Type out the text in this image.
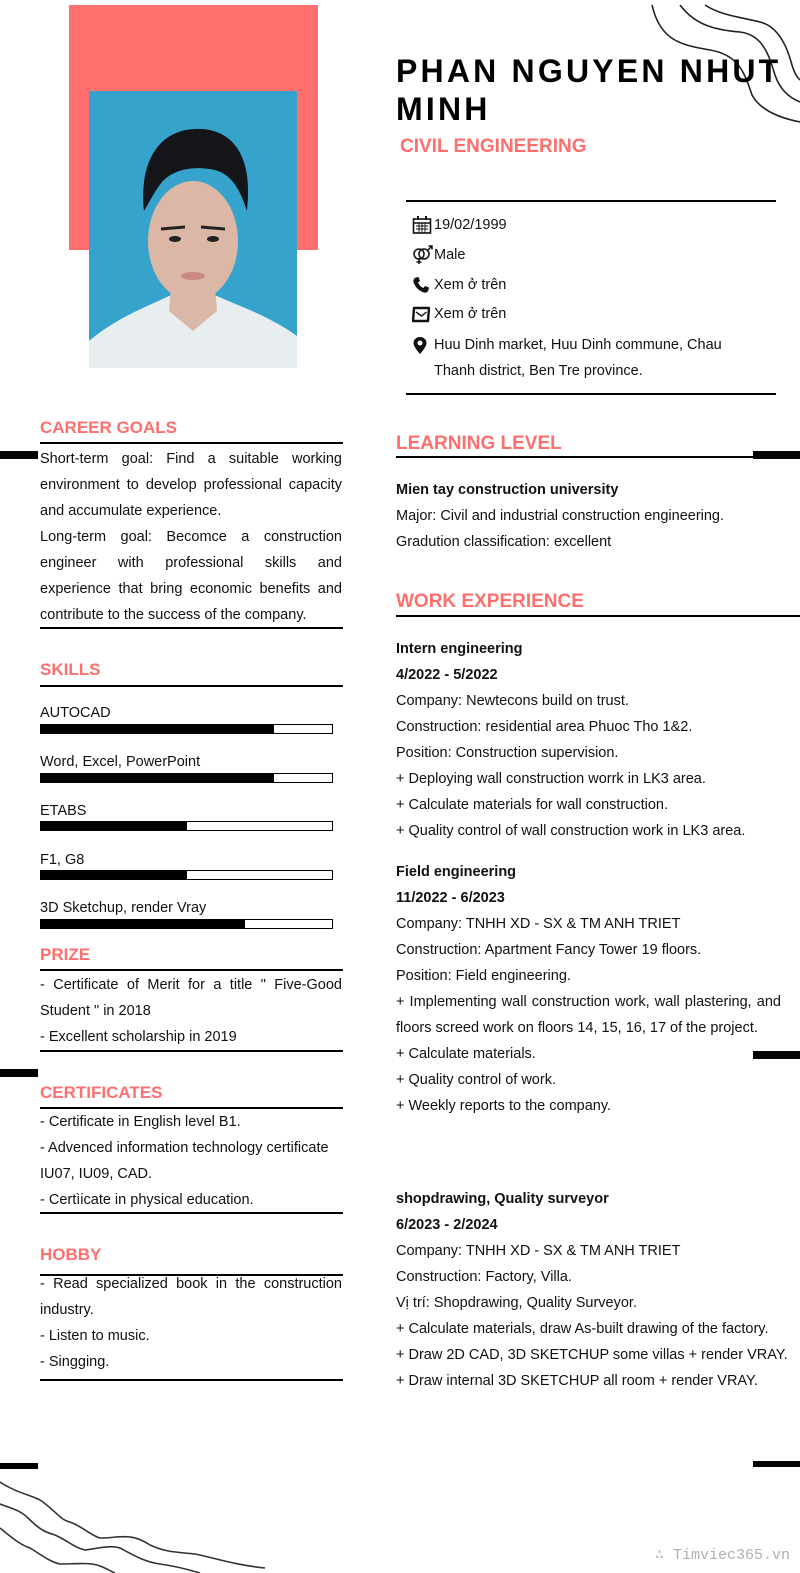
PHAN NGUYEN NHUT MINH
CIVIL ENGINEERING
19/02/1999
Male
Xem ở trên
Xem ở trên
Huu Dinh market, Huu Dinh commune, Chau Thanh district, Ben Tre province.
CAREER GOALS

Short-term goal: Find a suitable working environment to develop professional capacity and accumulate experience.

Long-term goal: Becomce a construction engineer with professional skills and experience that bring economic benefits and contribute to the success of the company.

SKILLS
AUTOCAD
Word, Excel, PowerPoint
ETABS
F1, G8
3D Sketchup, render Vray
PRIZE

- Certificate of Merit for a title " Five-Good Student " in 2018

- Excellent scholarship in 2019

CERTIFICATES

- Certificate in English level B1.

- Advenced information technology certificate IU07, IU09, CAD.

- Certìicate in physical education.

HOBBY

- Read specialized book in the construction industry.

- Listen to music.

- Singging.

LEARNING LEVEL
Mien tay construction university

Major: Civil and industrial construction engineering.

Gradution classification: excellent

WORK EXPERIENCE
Intern engineering
4/2022 - 5/2022

Company: Newtecons build on trust.

Construction: residential area Phuoc Tho 1&2.

Position: Construction supervision.

+ Deploying wall construction worrk in LK3 area.

+ Calculate materials for wall construction.

+ Quality control of wall construction work in LK3 area.

Field engineering
11/2022 - 6/2023

Company: TNHH XD - SX & TM ANH TRIET

Construction: Apartment Fancy Tower 19 floors.

Position: Field engineering.

+ Implementing wall construction work, wall plastering, and floors screed work on floors 14, 15, 16, 17 of the project.

+ Calculate materials.

+ Quality control of work.

+ Weekly reports to the company.

shopdrawing, Quality surveyor
6/2023 - 2/2024

Company: TNHH XD - SX & TM ANH TRIET

Construction: Factory, Villa.

Vị trí: Shopdrawing, Quality Surveyor.

+ Calculate materials, draw As-built drawing of the factory.

+ Draw 2D CAD, 3D SKETCHUP some villas + render VRAY.

+ Draw internal 3D SKETCHUP all room + render VRAY.

∴ Timviec365.vn
